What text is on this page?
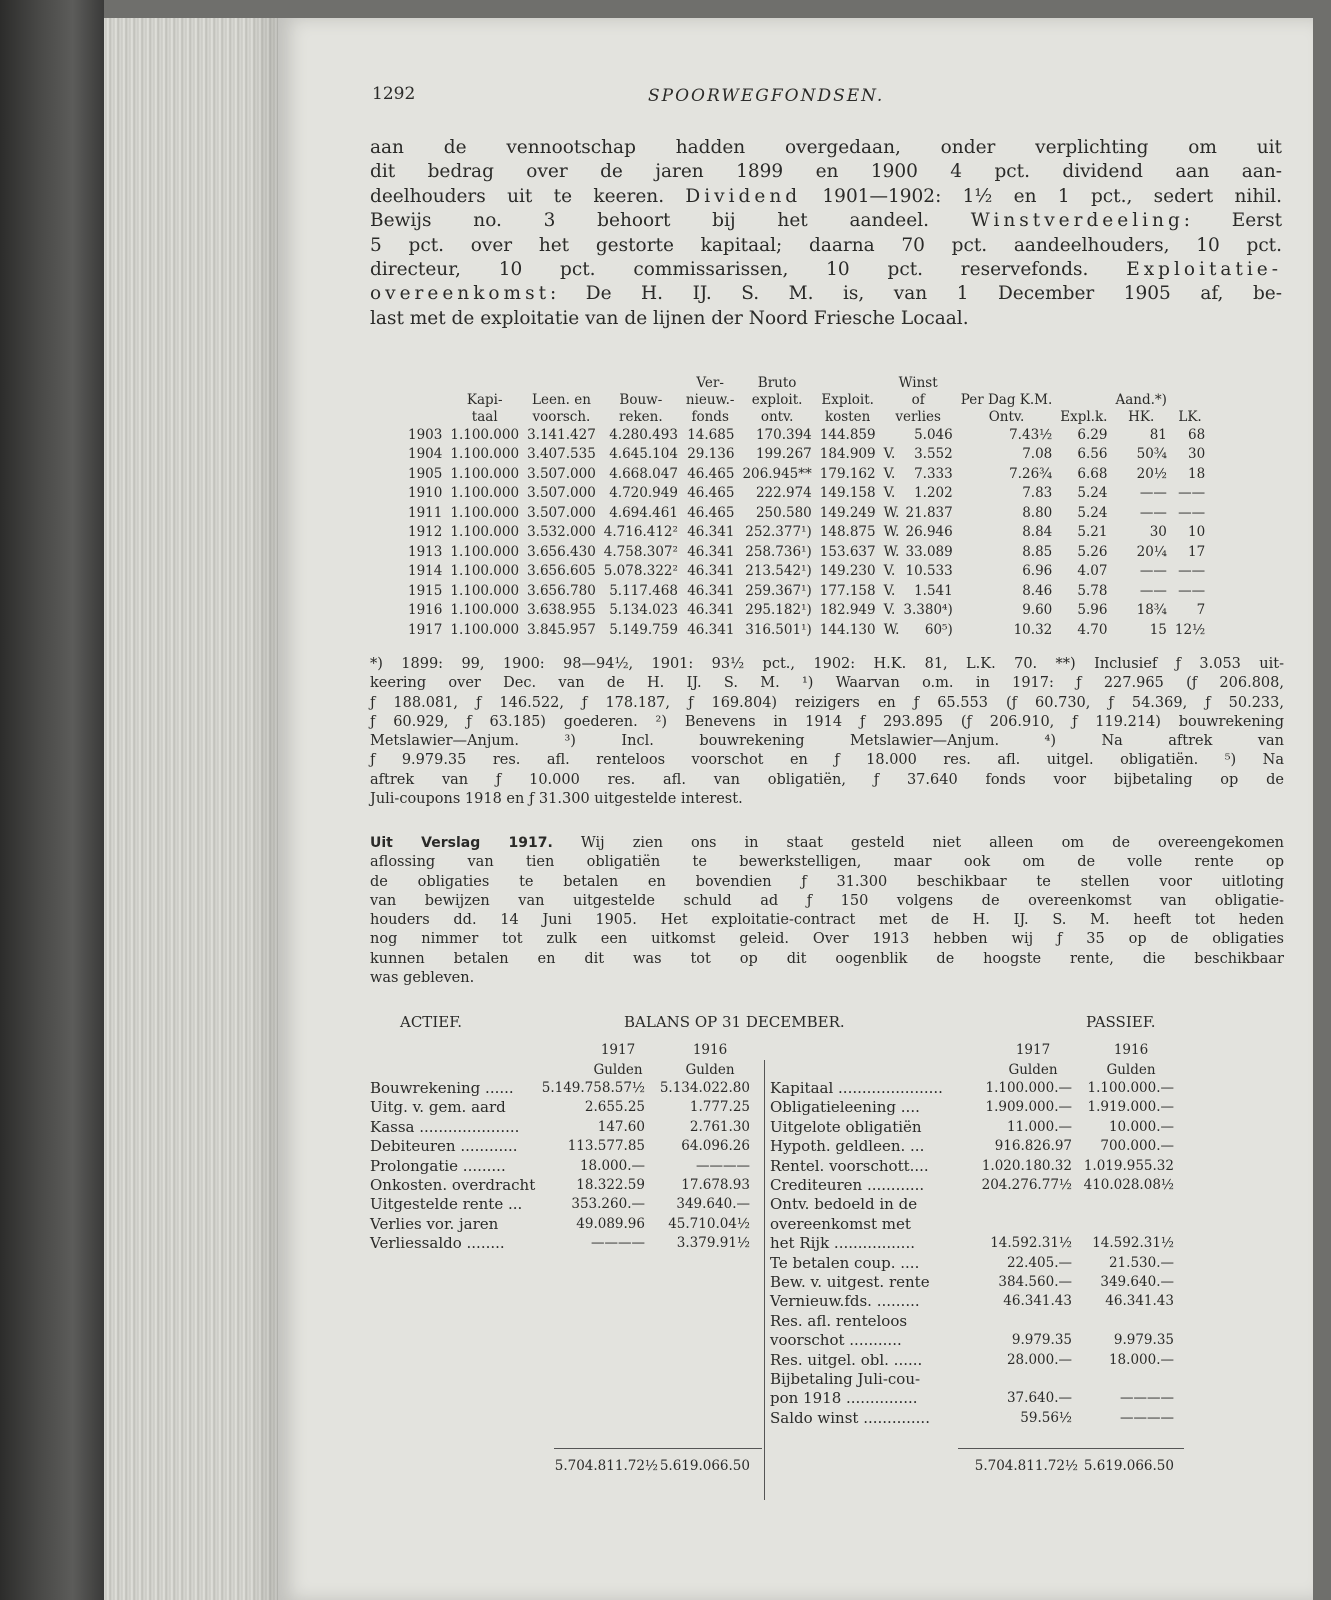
1292	SPOORWEGFONDSEN.
aan de vennootschap hadden overgedaan, onder verplichting om uit
dit bedrag over de jaren 1899 en 1900 4 pct. dividend aan aan-
deelhouders uit te keeren. Dividend 1901—1902: 1½ en 1 pct., sedert nihil.
Bewijs no. 3 behoort bij het aandeel. Winstverdeeling: Eerst
5 pct. over het gestorte kapitaal; daarna 70 pct. aandeelhouders, 10 pct.
directeur, 10 pct. commissarissen, 10 pct. reservefonds. Exploitatie-
overeenkomst: De H. IJ. S. M. is, van 1 December 1905 af, be-
last met de exploitatie van de lijnen der Noord Friesche Locaal.
				Ver-	Bruto		Winst					
	Kapi-	Leen. en	Bouw-	nieuw.-	exploit.	Exploit.	of		Per Dag K.M.		Aand.*)	
	taal	voorsch.	reken.	fonds	ontv.	kosten	verlies		Ontv.	Expl.k.	HK.	LK.
1903	1.100.000	3.141.427	4.280.493	14.685	170.394	144.859		5.046	7.43½	6.29	81	68
1904	1.100.000	3.407.535	4.645.104	29.136	199.267	184.909	V.	3.552	7.08	6.56	50¾	30
1905	1.100.000	3.507.000	4.668.047	46.465	206.945**	179.162	V.	7.333	7.26¾	6.68	20½	18
1910	1.100.000	3.507.000	4.720.949	46.465	222.974	149.158	V.	1.202	7.83	5.24	——	——
1911	1.100.000	3.507.000	4.694.461	46.465	250.580	149.249	W.	21.837	8.80	5.24	——	——
1912	1.100.000	3.532.000	4.716.412²	46.341	252.377¹)	148.875	W.	26.946	8.84	5.21	30	10
1913	1.100.000	3.656.430	4.758.307²	46.341	258.736¹)	153.637	W.	33.089	8.85	5.26	20¼	17
1914	1.100.000	3.656.605	5.078.322²	46.341	213.542¹)	149.230	V.	10.533	6.96	4.07	——	——
1915	1.100.000	3.656.780	5.117.468	46.341	259.367¹)	177.158	V.	1.541	8.46	5.78	——	——
1916	1.100.000	3.638.955	5.134.023	46.341	295.182¹)	182.949	V.	3.380⁴)	9.60	5.96	18¾	7
1917	1.100.000	3.845.957	5.149.759	46.341	316.501¹)	144.130	W.	60⁵)	10.32	4.70	15	12½
*) 1899: 99, 1900: 98—94½, 1901: 93½ pct., 1902: H.K. 81, L.K. 70. **) Inclusief ƒ 3.053 uit-
keering over Dec. van de H. IJ. S. M. ¹) Waarvan o.m. in 1917: ƒ 227.965 (ƒ 206.808,
ƒ 188.081, ƒ 146.522, ƒ 178.187, ƒ 169.804) reizigers en ƒ 65.553 (ƒ 60.730, ƒ 54.369, ƒ 50.233,
ƒ 60.929, ƒ 63.185) goederen. ²) Benevens in 1914 ƒ 293.895 (ƒ 206.910, ƒ 119.214) bouwrekening
Metslawier—Anjum. ³) Incl. bouwrekening Metslawier—Anjum. ⁴) Na aftrek van
ƒ 9.979.35 res. afl. renteloos voorschot en ƒ 18.000 res. afl. uitgel. obligatiën. ⁵) Na
aftrek van ƒ 10.000 res. afl. van obligatiën, ƒ 37.640 fonds voor bijbetaling op de
Juli-coupons 1918 en ƒ 31.300 uitgestelde interest.
Uit Verslag 1917. Wij zien ons in staat gesteld niet alleen om de overeengekomen
aflossing van tien obligatiën te bewerkstelligen, maar ook om de volle rente op
de obligaties te betalen en bovendien ƒ 31.300 beschikbaar te stellen voor uitloting
van bewijzen van uitgestelde schuld ad ƒ 150 volgens de overeenkomst van obligatie-
houders dd. 14 Juni 1905. Het exploitatie-contract met de H. IJ. S. M. heeft tot heden
nog nimmer tot zulk een uitkomst geleid. Over 1913 hebben wij ƒ 35 op de obligaties
kunnen betalen en dit was tot op dit oogenblik de hoogste rente, die beschikbaar
was gebleven.
ACTIEF.	BALANS OP 31 DECEMBER.	PASSIEF.
1917	1916
Gulden	Gulden
1917	1916
Gulden	Gulden
Bouwrekening ......	5.149.758.57½	5.134.022.80
Uitg. v. gem. aard	2.655.25	1.777.25
Kassa .....................	147.60	2.761.30
Debiteuren ............	113.577.85	64.096.26
Prolongatie .........	18.000.—	————
Onkosten. overdracht	18.322.59	17.678.93
Uitgestelde rente ...	353.260.—	349.640.—
Verlies vor. jaren	49.089.96	45.710.04½
Verliessaldo ........	————	3.379.91½
Kapitaal ......................	1.100.000.—	1.100.000.—
Obligatieleening ....	1.909.000.—	1.919.000.—
Uitgelote obligatiën	11.000.—	10.000.—
Hypoth. geldleen. ...	916.826.97	700.000.—
Rentel. voorschott....	1.020.180.32 1.019.955.32
Crediteuren ............	204.276.77½ 410.028.08½
Ontv. bedoeld in de
overeenkomst met
het Rijk .................	14.592.31½	14.592.31½
Te betalen coup. ....	22.405.—	21.530.—
Bew. v. uitgest. rente	384.560.—	349.640.—
Vernieuw.fds. .........	46.341.43	46.341.43
Res. afl. renteloos
voorschot ...........	9.979.35	9.979.35
Res. uitgel. obl. ......	28.000.—	18.000.—
Bijbetaling Juli-cou-
pon 1918 ...............	37.640.—	————
Saldo winst ..............	59.56½	————
5.704.811.72½ 5.619.066.50	5.704.811.72½ 5.619.066.50
